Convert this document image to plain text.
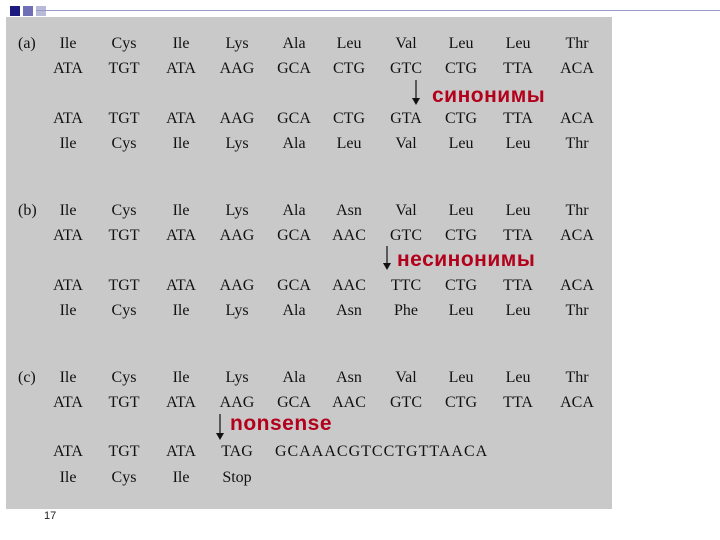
(a)	Ile	Cys	Ile	Lys	Ala	Leu	Val	Leu	Leu	Thr
ATA	TGT	ATA	AAG	GCA	CTG	GTC	CTG	TTA	ACA
ATA	TGT	ATA	AAG	GCA	CTG	GTA	CTG	TTA	ACA
Ile	Cys	Ile	Lys	Ala	Leu	Val	Leu	Leu	Thr
синонимы
(b)	Ile	Cys	Ile	Lys	Ala	Asn	Val	Leu	Leu	Thr
ATA	TGT	ATA	AAG	GCA	AAC	GTC	CTG	TTA	ACA
ATA	TGT	ATA	AAG	GCA	AAC	TTC	CTG	TTA	ACA
Ile	Cys	Ile	Lys	Ala	Asn	Phe	Leu	Leu	Thr
несинонимы
(c)	Ile	Cys	Ile	Lys	Ala	Asn	Val	Leu	Leu	Thr
ATA	TGT	ATA	AAG	GCA	AAC	GTC	CTG	TTA	ACA
ATA	TGT	ATA	TAG	GCAAACGTCCTGTTAACA
Ile	Cys	Ile	Stop
nonsense
17
